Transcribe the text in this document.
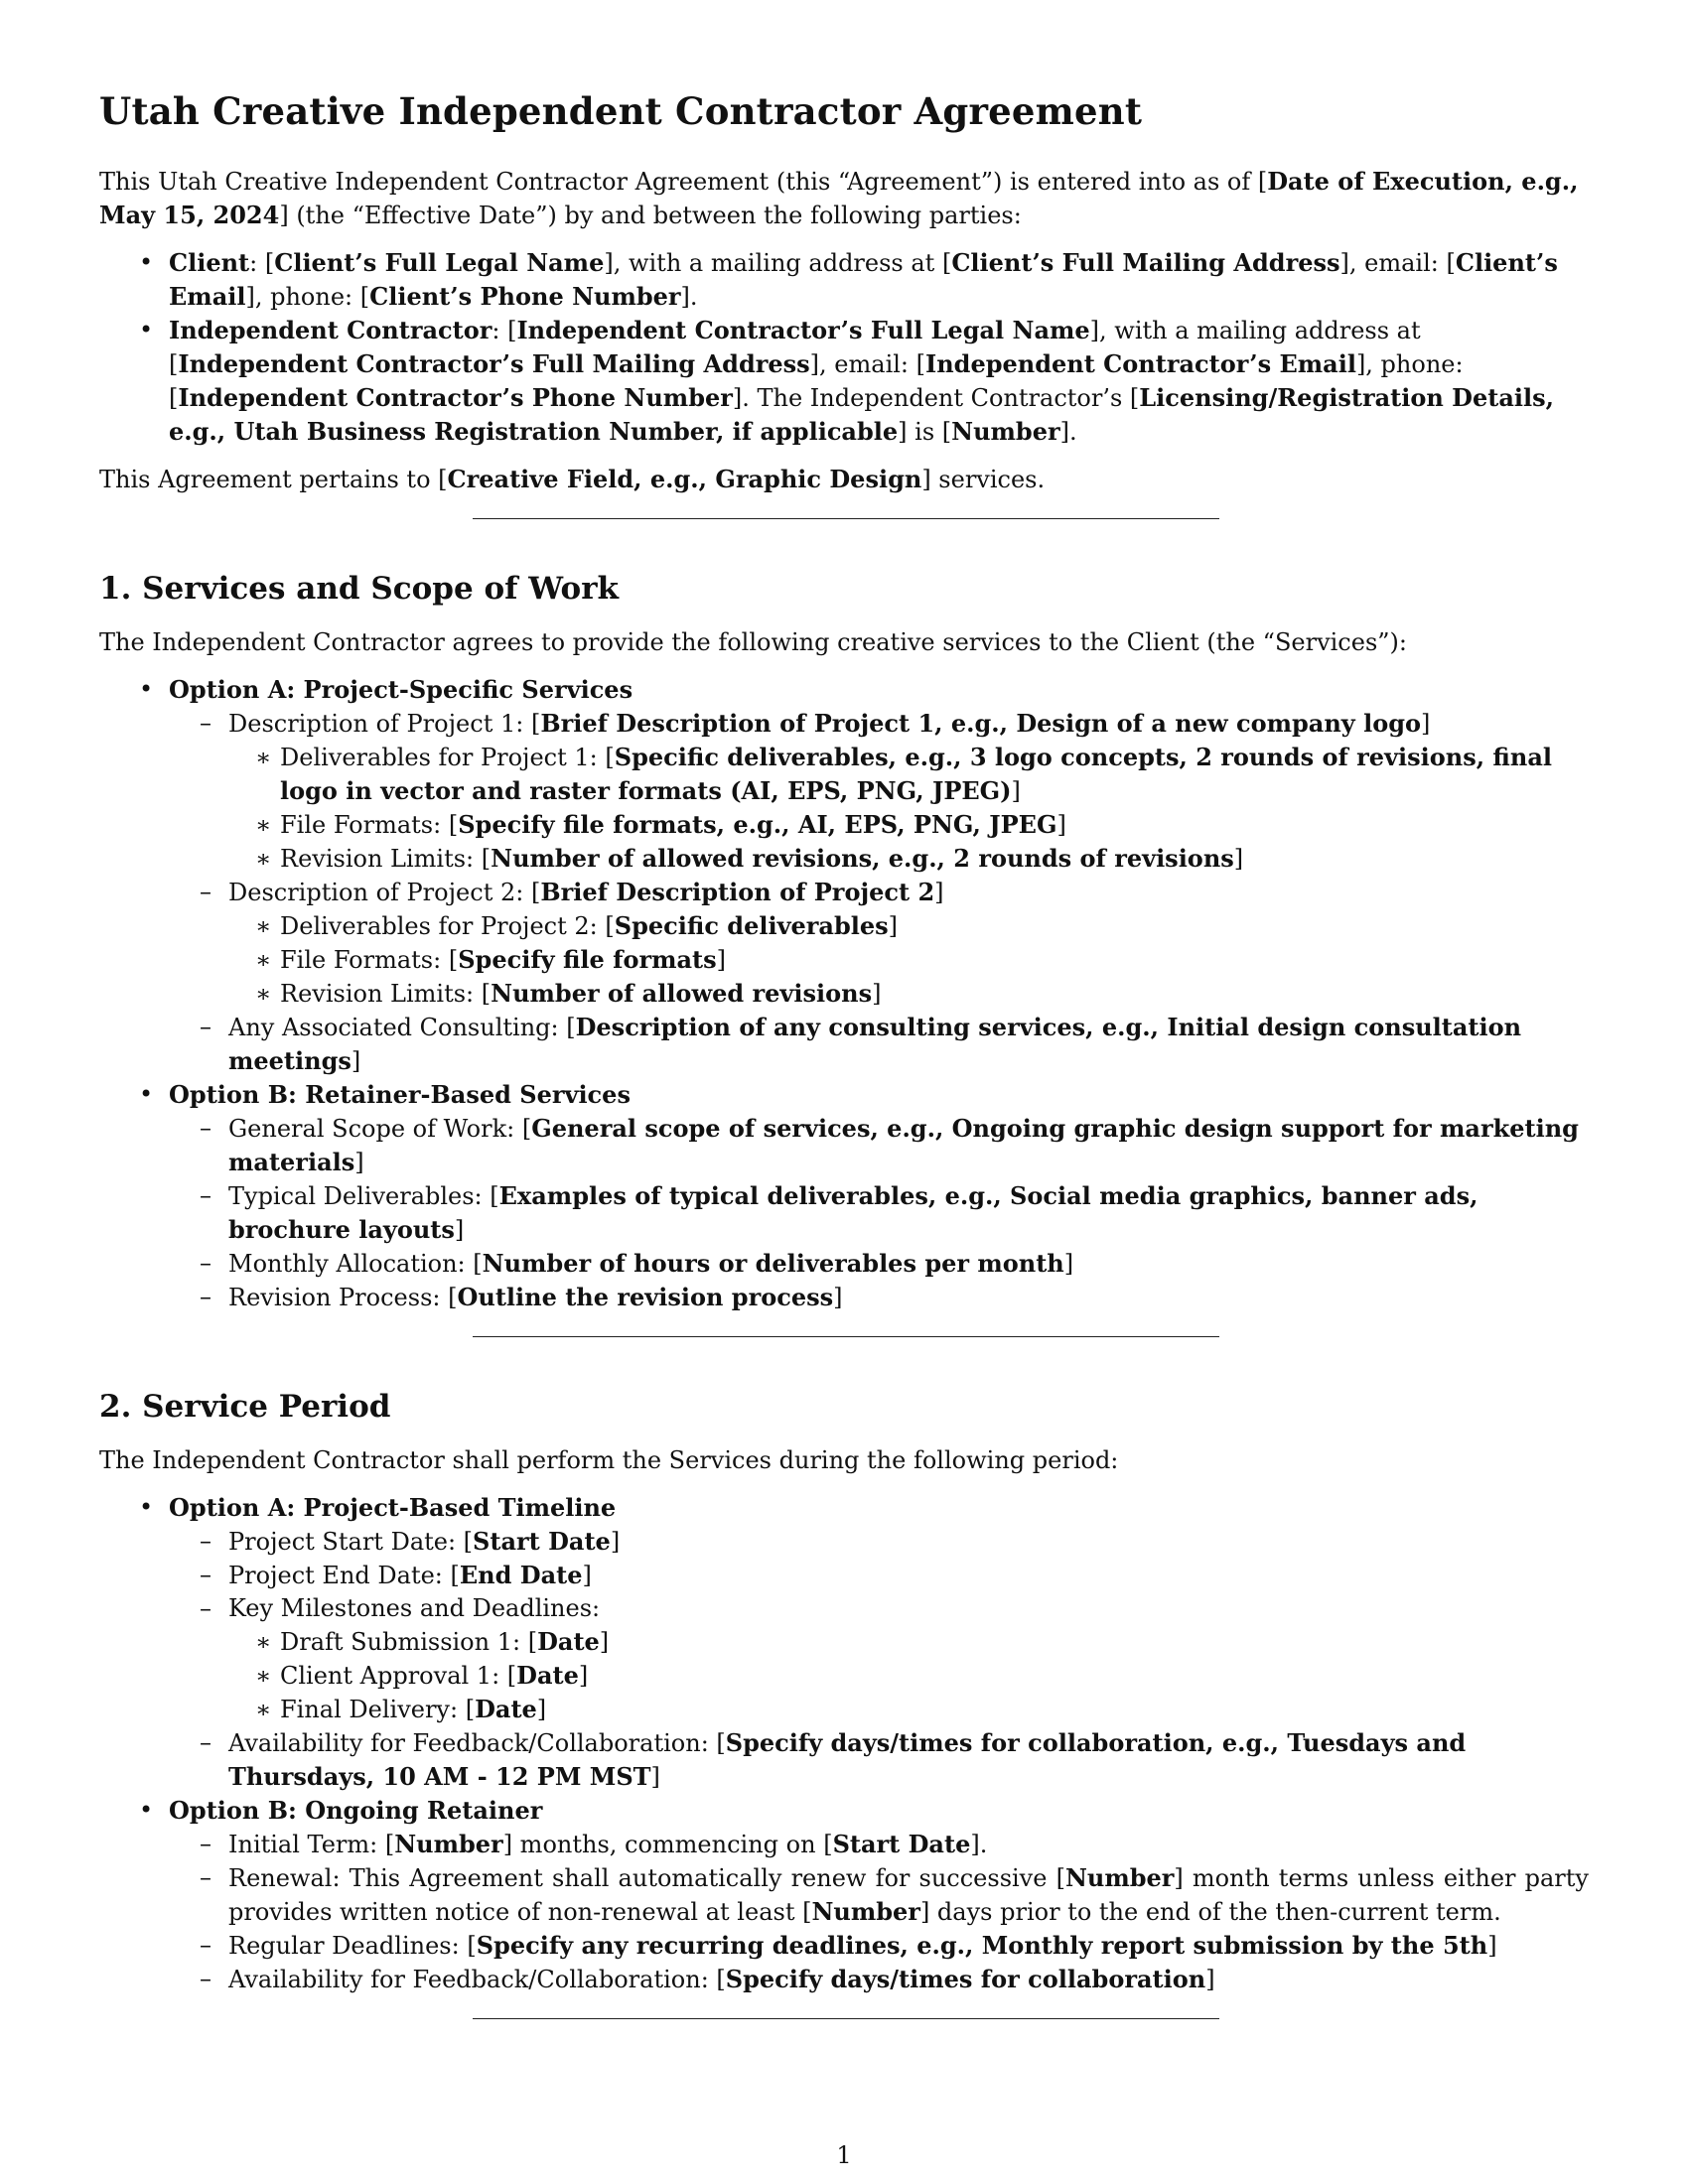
Utah Creative Independent Contractor Agreement

This Utah Creative Independent Contractor Agreement (this “Agreement”) is entered into as of [Date of Execution, e.g., May 15, 2024] (the “Effective Date”) by and between the following parties:

• Client: [Client’s Full Legal Name], with a mailing address at [Client’s Full Mailing Address], email: [Client’s Email], phone: [Client’s Phone Number].
• Independent Contractor: [Independent Contractor’s Full Legal Name], with a mailing address at [Independent Contractor’s Full Mailing Address], email: [Independent Contractor’s Email], phone: [Independent Contractor’s Phone Number]. The Independent Contractor’s [Licensing/Registration Details, e.g., Utah Business Registration Number, if applicable] is [Number].

This Agreement pertains to [Creative Field, e.g., Graphic Design] services.

1. Services and Scope of Work

The Independent Contractor agrees to provide the following creative services to the Client (the “Services”):

• Option A: Project-Specific Services
– Description of Project 1: [Brief Description of Project 1, e.g., Design of a new company logo]
∗ Deliverables for Project 1: [Specific deliverables, e.g., 3 logo concepts, 2 rounds of revisions, final logo in vector and raster formats (AI, EPS, PNG, JPEG)]
∗ File Formats: [Specify file formats, e.g., AI, EPS, PNG, JPEG]
∗ Revision Limits: [Number of allowed revisions, e.g., 2 rounds of revisions]
– Description of Project 2: [Brief Description of Project 2]
∗ Deliverables for Project 2: [Specific deliverables]
∗ File Formats: [Specify file formats]
∗ Revision Limits: [Number of allowed revisions]
– Any Associated Consulting: [Description of any consulting services, e.g., Initial design consultation meetings]
• Option B: Retainer-Based Services
– General Scope of Work: [General scope of services, e.g., Ongoing graphic design support for marketing materials]
– Typical Deliverables: [Examples of typical deliverables, e.g., Social media graphics, banner ads, brochure layouts]
– Monthly Allocation: [Number of hours or deliverables per month]
– Revision Process: [Outline the revision process]
2. Service Period

The Independent Contractor shall perform the Services during the following period:

• Option A: Project-Based Timeline
– Project Start Date: [Start Date]
– Project End Date: [End Date]
– Key Milestones and Deadlines:
∗ Draft Submission 1: [Date]
∗ Client Approval 1: [Date]
∗ Final Delivery: [Date]
– Availability for Feedback/Collaboration: [Specify days/times for collaboration, e.g., Tuesdays and Thursdays, 10 AM - 12 PM MST]
• Option B: Ongoing Retainer
– Initial Term: [Number] months, commencing on [Start Date].
– Renewal: This Agreement shall automatically renew for successive [Number] month terms unless either party provides written notice of non-renewal at least [Number] days prior to the end of the then-current term.
– Regular Deadlines: [Specify any recurring deadlines, e.g., Monthly report submission by the 5th]
– Availability for Feedback/Collaboration: [Specify days/times for collaboration]
1
